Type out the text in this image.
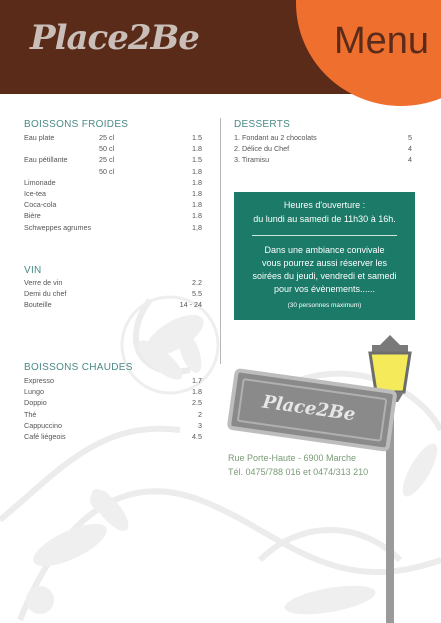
Place2Be
Place2Be	Menu
BOISSONS FROIDES
Eau plate	25 cl	1.5
50 cl	1.8
Eau pétillante	25 cl	1.5
50 cl	1.8
Limonade	1.8
Ice-tea	1.8
Coca-cola	1.8
Bière	1.8
Schweppes agrumes	1,8
VIN
Verre de vin	2.2
Demi du chef	5.5
Bouteille	14 - 24
BOISSONS CHAUDES
Expresso	1.7
Lungo	1.8
Doppio	2.5
Thé	2
Cappuccino	3
Café liégeois	4.5
DESSERTS
1. Fondant au 2 chocolats	5
2. Délice du Chef	4
3. Tiramisu	4
Heures d'ouverture :
du lundi au samedi de 11h30 à 16h.
Dans une ambiance convivale
vous pourrez aussi réserver les
soirées du jeudi, vendredi et samedi
pour vos évènements......
(30 personnes maximum)
Rue Porte-Haute - 6900 Marche
Tél. 0475/788 016 et 0474/313 210
